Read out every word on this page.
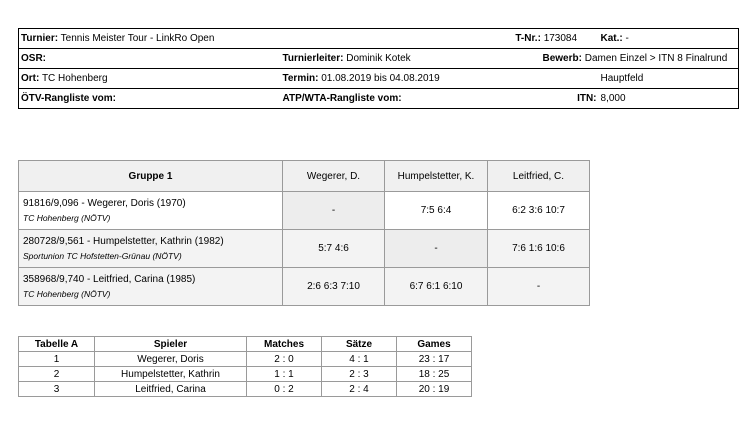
Turnier: Tennis Meister Tour - LinkRo Open		T-Nr.: 173084		Kat.: -
OSR:	Turnierleiter: Dominik Kotek		Bewerb: Damen Einzel > ITN 8 Finalrund	
Ort: TC Hohenberg	Termin: 01.08.2019 bis 04.08.2019			Hauptfeld
ÖTV-Rangliste vom:	ATP/WTA-Rangliste vom:		ITN:	8,000
Gruppe 1	Wegerer, D.	Humpelstetter, K.	Leitfried, C.

91816/9,096 - Wegerer, Doris (1970)
TC Hohenberg (NÖTV)	-	7:5 6:4	6:2 3:6 10:7

280728/9,561 - Humpelstetter, Kathrin (1982)
Sportunion TC Hofstetten-Grünau (NÖTV)	5:7 4:6	-	7:6 1:6 10:6

358968/9,740 - Leitfried, Carina (1985)
TC Hohenberg (NÖTV)	2:6 6:3 7:10	6:7 6:1 6:10	-
Tabelle A	Spieler	Matches	Sätze	Games
1	Wegerer, Doris	2 : 0	4 : 1	23 : 17
2	Humpelstetter, Kathrin	1 : 1	2 : 3	18 : 25
3	Leitfried, Carina	0 : 2	2 : 4	20 : 19
